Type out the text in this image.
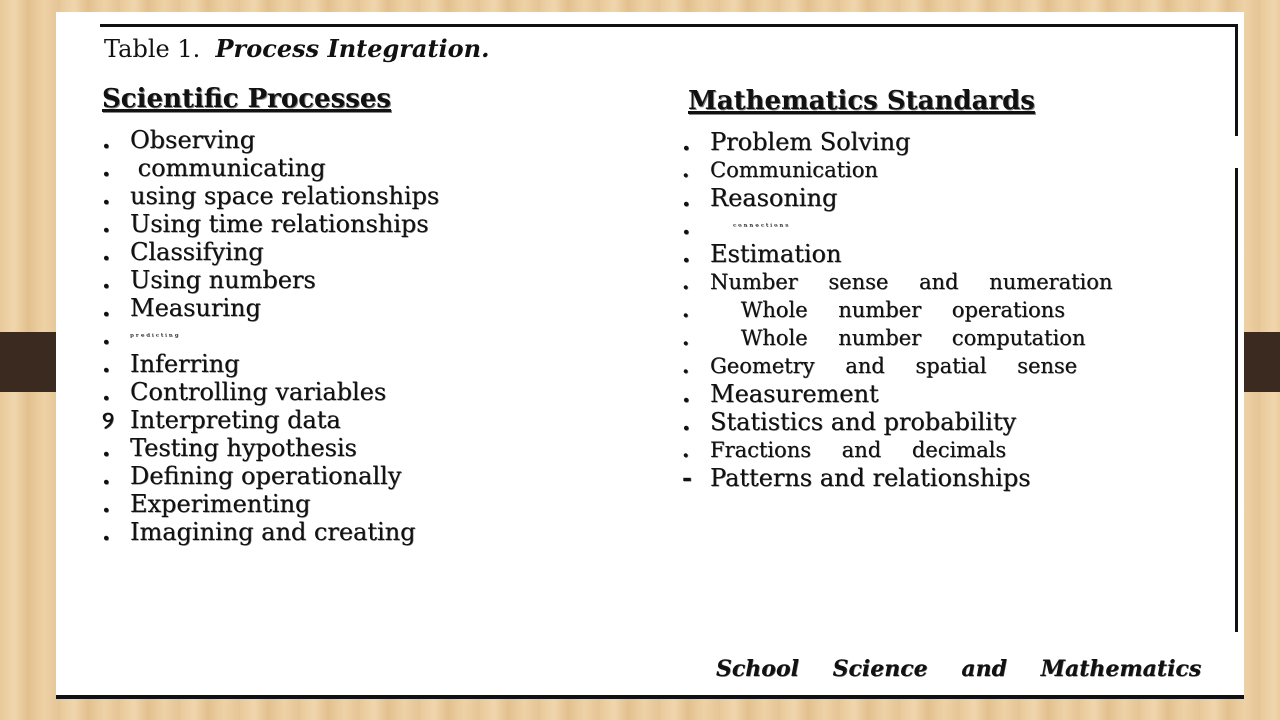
Table 1. Process Integration.
Scientific Processes	Mathematics Standards
. Observing
. communicating
. using space relationships
. Using time relationships
. Classifying
. Using numbers
. Measuring
. ᵖʳᵉᵈⁱᶜᵗⁱⁿᵍ
. Inferring
. Controlling variables
୨ Interpreting data
. Testing hypothesis
. Defining operationally
. Experimenting
. Imagining and creating
. Problem Solving
. Communication
. Reasoning
.	ᶜᵒⁿⁿᵉᶜᵗⁱᵒⁿˢ
. Estimation
. Number sense and numeration
. Whole number operations
. Whole number computation
. Geometry and spatial sense
. Measurement
. Statistics and probability
. Fractions and decimals
- Patterns and relationships
School Science and Mathematics
